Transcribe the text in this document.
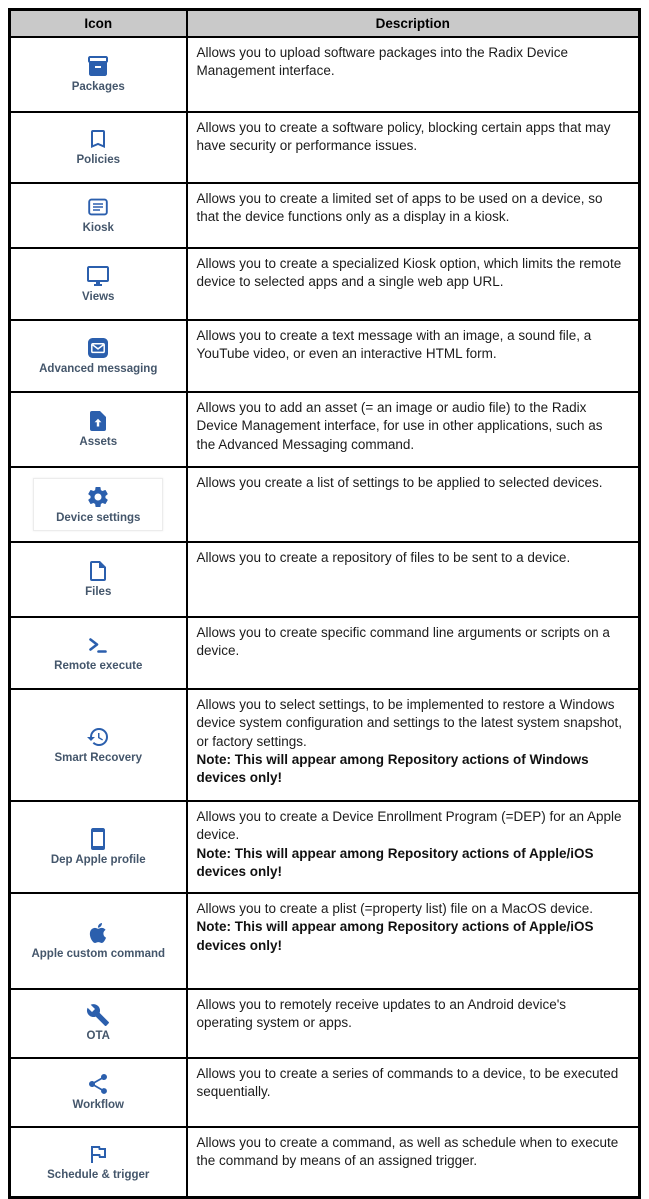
Icon	Description

Packages	Allows you to upload software packages into the Radix Device Management interface.

Policies	Allows you to create a software policy, blocking certain apps that may have security or performance issues.

Kiosk	Allows you to create a limited set of apps to be used on a device, so that the device functions only as a display in a kiosk.

Views	Allows you to create a specialized Kiosk option, which limits the remote device to selected apps and a single web app URL.

Advanced messaging	Allows you to create a text message with an image, a sound file, a YouTube video, or even an interactive HTML form.

Assets	Allows you to add an asset (= an image or audio file) to the Radix Device Management interface, for use in other applications, such as the Advanced Messaging command.

Device settings	Allows you create a list of settings to be applied to selected devices.

Files	Allows you to create a repository of files to be sent to a device.

Remote execute	Allows you to create specific command line arguments or scripts on a device.

Smart Recovery	Allows you to select settings, to be implemented to restore a Windows device system configuration and settings to the latest system snapshot, or factory settings.
Note: This will appear among Repository actions of Windows devices only!

Dep Apple profile	Allows you to create a Device Enrollment Program (=DEP) for an Apple device.
Note: This will appear among Repository actions of Apple/iOS devices only!

Apple custom command	Allows you to create a plist (=property list) file on a MacOS device.
Note: This will appear among Repository actions of Apple/iOS devices only!

OTA	Allows you to remotely receive updates to an Android device's operating system or apps.

Workflow	Allows you to create a series of commands to a device, to be executed sequentially.

Schedule & trigger	Allows you to create a command, as well as schedule when to execute the command by means of an assigned trigger.
